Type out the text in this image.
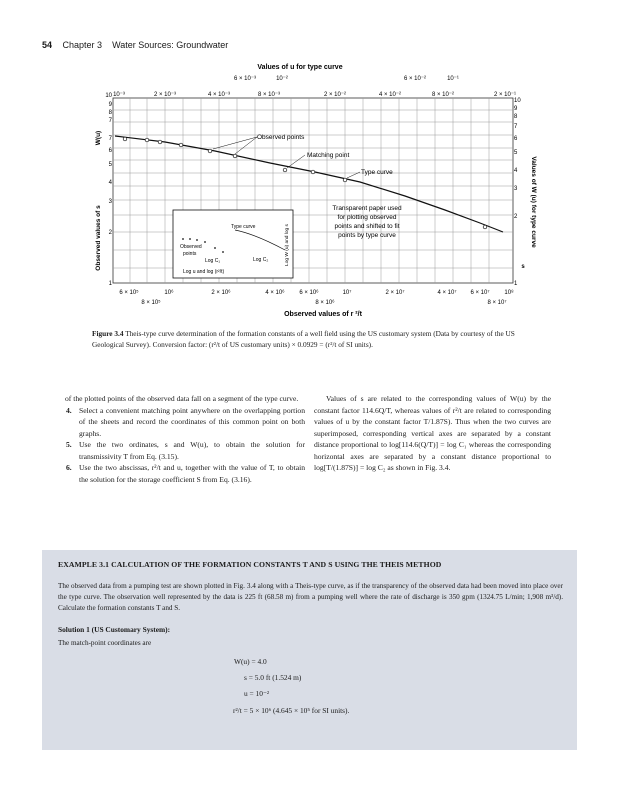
54 Chapter 3 Water Sources: Groundwater
Values of u for type curve
6 × 10⁻³	10⁻²	6 × 10⁻²	10⁻¹
10⁻³	2 × 10⁻³	4 × 10⁻³	8 × 10⁻³	2 × 10⁻²	4 × 10⁻²	8 × 10⁻²	2 × 10⁻¹
W(u)
Observed values of s	Values of W (u) for type curve
s
10
9
8
7
7
6
5
4
3
2
1
10
9
8
7
6
5
4
3
2
1
Observed points
Matching point
Type curve
Transparent paper used
for plotting observed
points and shifted to fit
points by type curve
Type curve
Observed
points
Log C₁	Log C₂
Log u and log (r²/t)
Log W (u) and log s
6 × 10⁵	10⁶	2 × 10⁶	4 × 10⁶ 6 × 10⁶	10⁷	2 × 10⁷	4 × 10⁷ 6 × 10⁷ 10⁸
8 × 10⁵	8 × 10⁶	8 × 10⁷
Observed values of r ²/t
Figure 3.4 Theis-type curve determination of the formation constants of a well field using the US customary system (Data by courtesy of the US Geological Survey). Conversion factor: (r²/t of US customary units) × 0.0929 = (r²/t of SI units).

of the plotted points of the observed data fall on a segment of the type curve.

4. Select a convenient matching point anywhere on the overlapping portion of the sheets and record the coordinates of this common point on both graphs.
5. Use the two ordinates, s and W(u), to obtain the solution for transmissivity T from Eq. (3.15).
6. Use the two abscissas, r²/t and u, together with the value of T, to obtain the solution for the storage coefficient S from Eq. (3.16).

Values of s are related to the corresponding values of W(u) by the constant factor 114.6Q/T, whereas values of r²/t are related to corresponding values of u by the constant factor T/1.87S). Thus when the two curves are superimposed, corresponding vertical axes are separated by a constant distance proportional to log[114.6(Q/T)] = log C₁ whereas the corresponding horizontal axes are separated by a constant distance proportional to log[T/(1.87S)] = log C₂ as shown in Fig. 3.4.

EXAMPLE 3.1 CALCULATION OF THE FORMATION CONSTANTS T AND S USING THE THEIS METHOD
The observed data from a pumping test are shown plotted in Fig. 3.4 along with a Theis-type curve, as if the transparency of the observed data had been moved into place over the type curve. The observation well represented by the data is 225 ft (68.58 m) from a pumping well where the rate of discharge is 350 gpm (1324.75 L/min; 1,908 m³/d). Calculate the formation constants T and S.
Solution 1 (US Customary System):
The match-point coordinates are
W(u) = 4.0
s = 5.0 ft (1.524 m)
u = 10⁻²
r²/t = 5 × 10⁶ (4.645 × 10⁵ for SI units).
